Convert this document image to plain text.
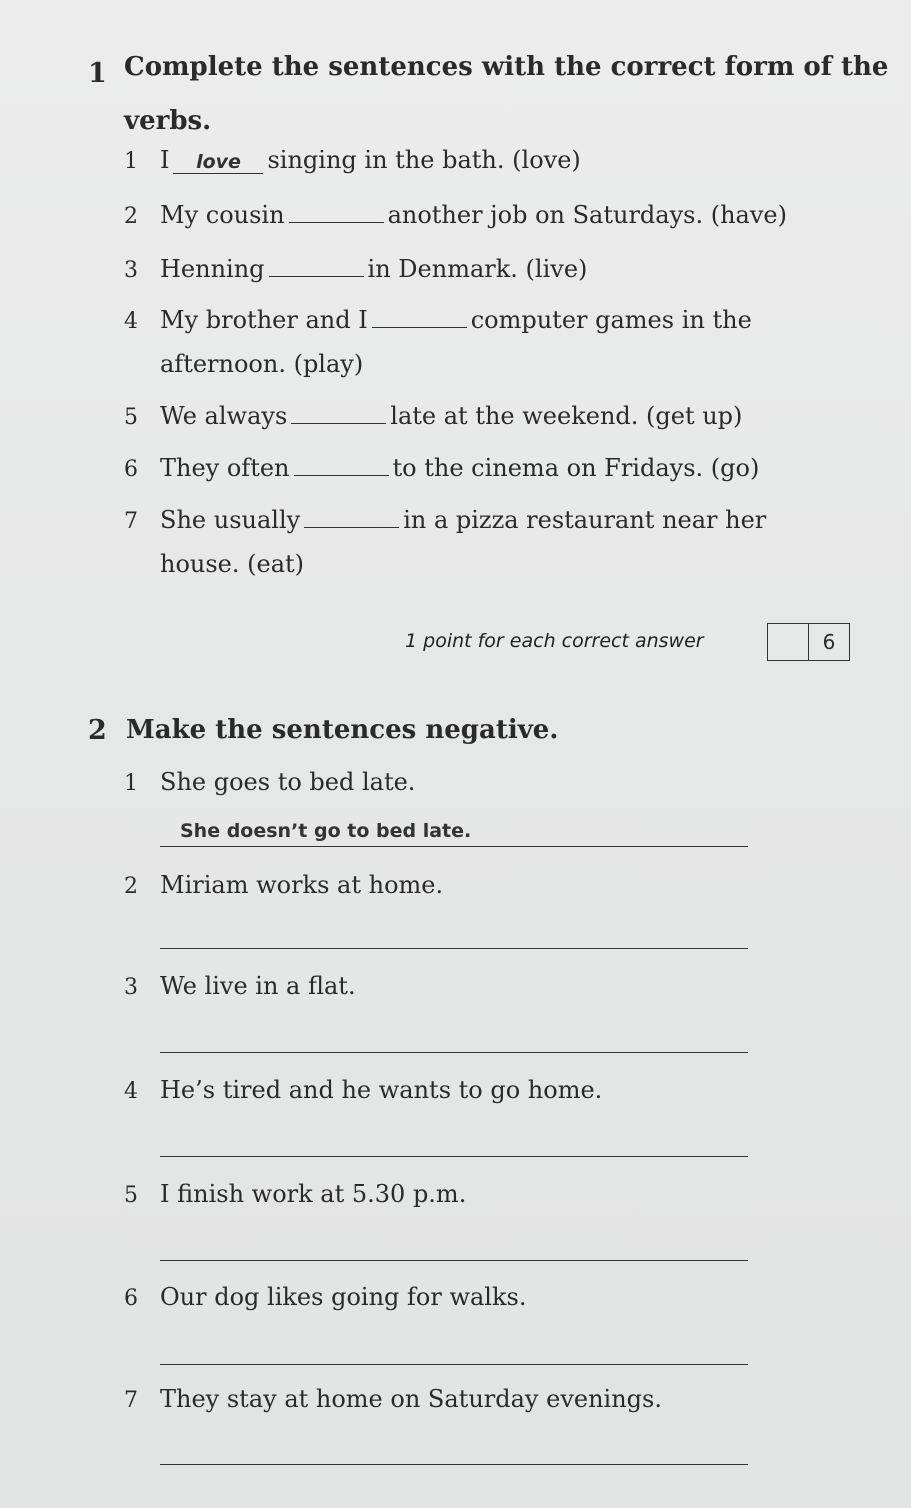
1 Complete the sentences with the correct form of the
verbs.
1 I love singing in the bath. (love)
2 My cousin	another job on Saturdays. (have)
3 Henning	in Denmark. (live)
4 My brother and I	computer games in the
afternoon. (play)
5 We always	late at the weekend. (get up)
6 They often	to the cinema on Fridays. (go)
7 She usually	in a pizza restaurant near her
house. (eat)
1 point for each correct answer	6
2 Make the sentences negative.
1 She goes to bed late.
She doesn’t go to bed late.
2 Miriam works at home.
3 We live in a flat.
4 He’s tired and he wants to go home.
5 I finish work at 5.30 p.m.
6 Our dog likes going for walks.
7 They stay at home on Saturday evenings.
